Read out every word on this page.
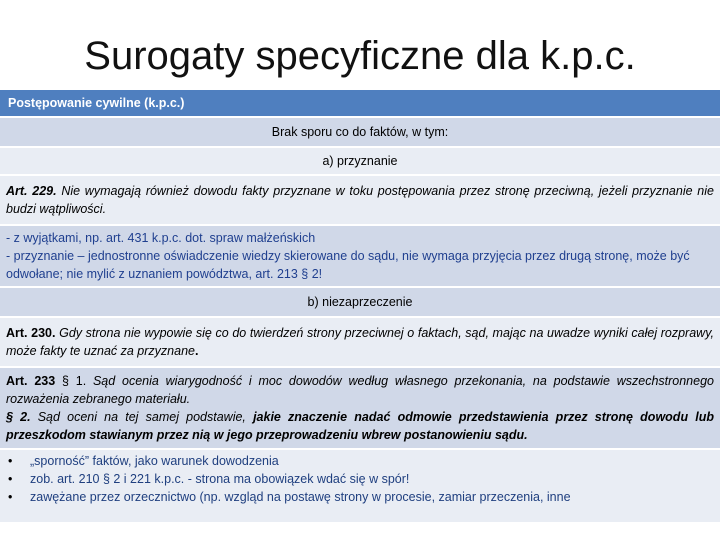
Surogaty specyficzne dla k.p.c.
Postępowanie cywilne (k.p.c.)
Brak sporu co do faktów, w tym:
a) przyznanie
Art. 229. Nie wymagają również dowodu fakty przyznane w toku postępowania przez stronę przeciwną, jeżeli przyznanie nie budzi wątpliwości.

- z wyjątkami, np. art. 431 k.p.c. dot. spraw małżeńskich
- przyznanie – jednostronne oświadczenie wiedzy skierowane do sądu, nie wymaga przyjęcia przez drugą stronę, może być odwołane; nie mylić z uznaniem powództwa, art. 213 § 2!

b) niezaprzeczenie
Art. 230. Gdy strona nie wypowie się co do twierdzeń strony przeciwnej o faktach, sąd, mając na uwadze wyniki całej rozprawy, może fakty te uznać za przyznane.
Art. 233 § 1. Sąd ocenia wiarygodność i moc dowodów według własnego przekonania, na podstawie wszechstronnego rozważenia zebranego materiału.
§ 2. Sąd oceni na tej samej podstawie, jakie znaczenie nadać odmowie przedstawienia przez stronę dowodu lub przeszkodom stawianym przez nią w jego przeprowadzeniu wbrew postanowieniu sądu.

• „sporność” faktów, jako warunek dowodzenia
• zob. art. 210 § 2 i 221 k.p.c. - strona ma obowiązek wdać się w spór!
• zawężane przez orzecznictwo (np. wzgląd na postawę strony w procesie, zamiar przeczenia, inne
